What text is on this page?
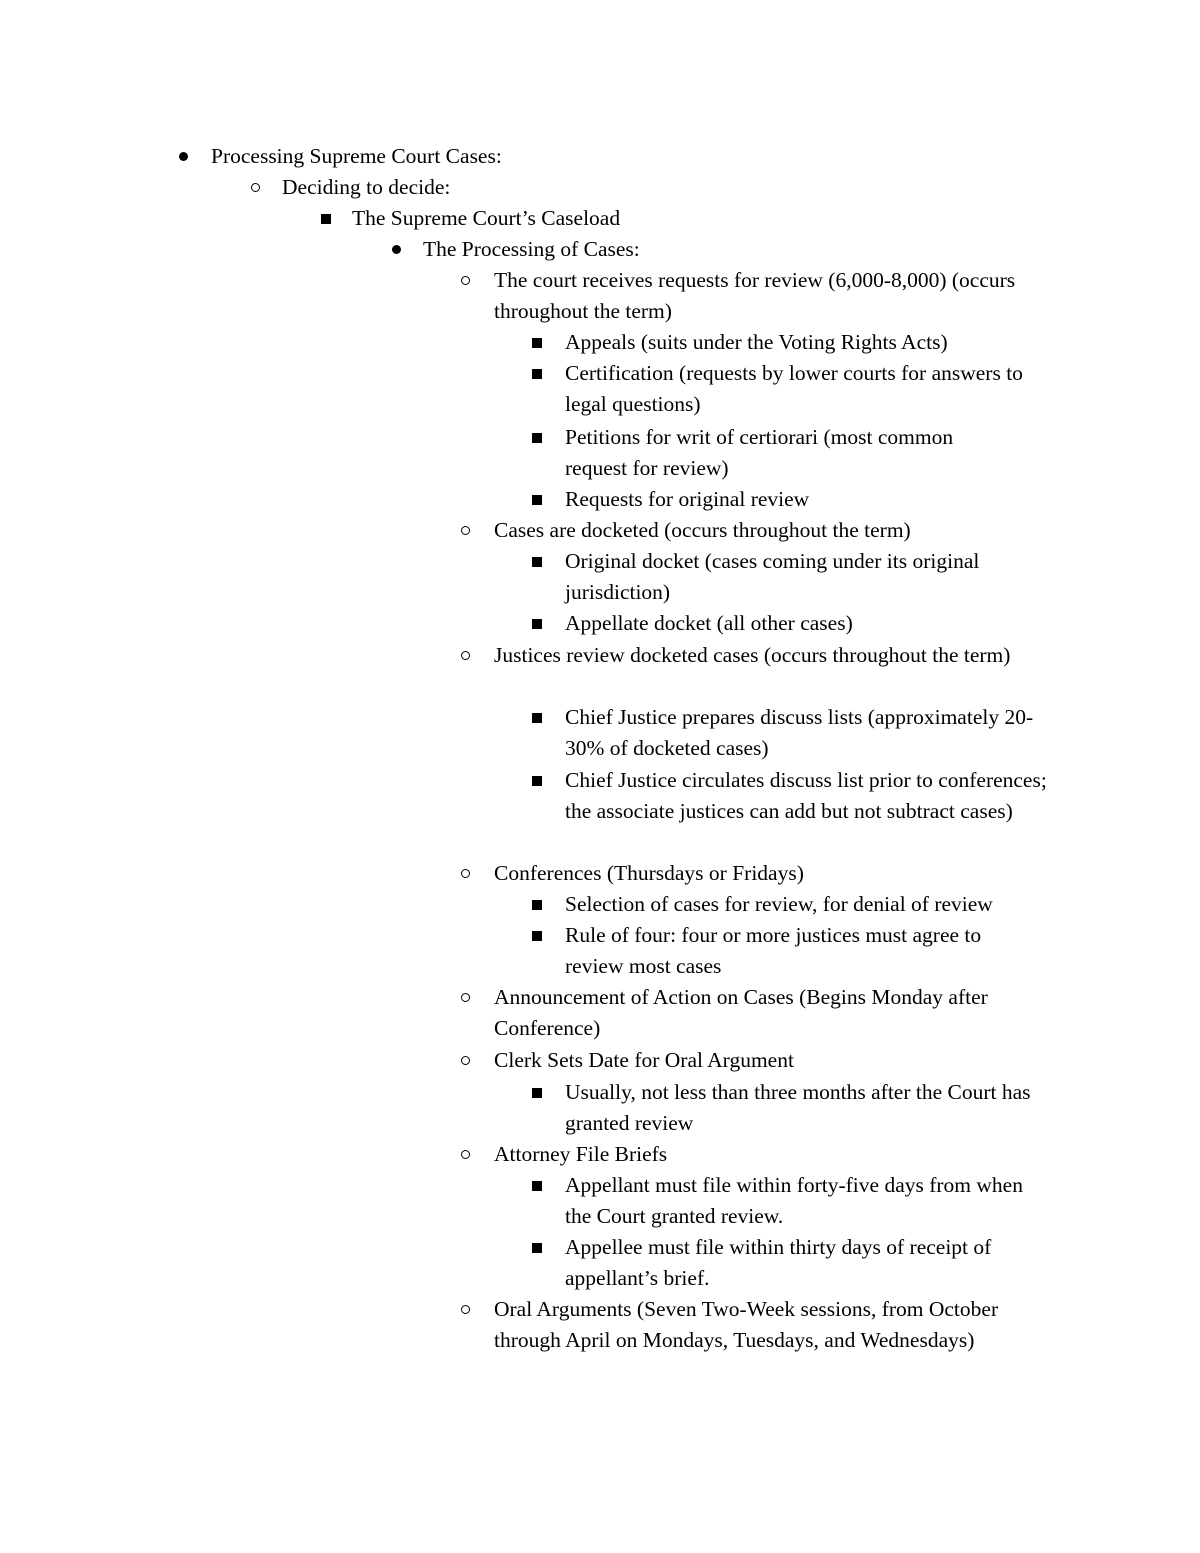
Processing Supreme Court Cases:
Deciding to decide:
The Supreme Court’s Caseload
The Processing of Cases:
The court receives requests for review (6,000-8,000) (occurs throughout the term)
Appeals (suits under the Voting Rights Acts)
Certification (requests by lower courts for answers to legal questions)
Petitions for writ of certiorari (most common request for review)
Requests for original review
Cases are docketed (occurs throughout the term)
Original docket (cases coming under its original jurisdiction)
Appellate docket (all other cases)
Justices review docketed cases (occurs throughout the term)
Chief Justice prepares discuss lists (approximately 20-30% of docketed cases)
Chief Justice circulates discuss list prior to conferences; the associate justices can add but not subtract cases)
Conferences (Thursdays or Fridays)
Selection of cases for review, for denial of review
Rule of four: four or more justices must agree to review most cases
Announcement of Action on Cases (Begins Monday after Conference)
Clerk Sets Date for Oral Argument
Usually, not less than three months after the Court has granted review
Attorney File Briefs
Appellant must file within forty-five days from when the Court granted review.
Appellee must file within thirty days of receipt of appellant’s brief.
Oral Arguments (Seven Two-Week sessions, from October through April on Mondays, Tuesdays, and Wednesdays)
